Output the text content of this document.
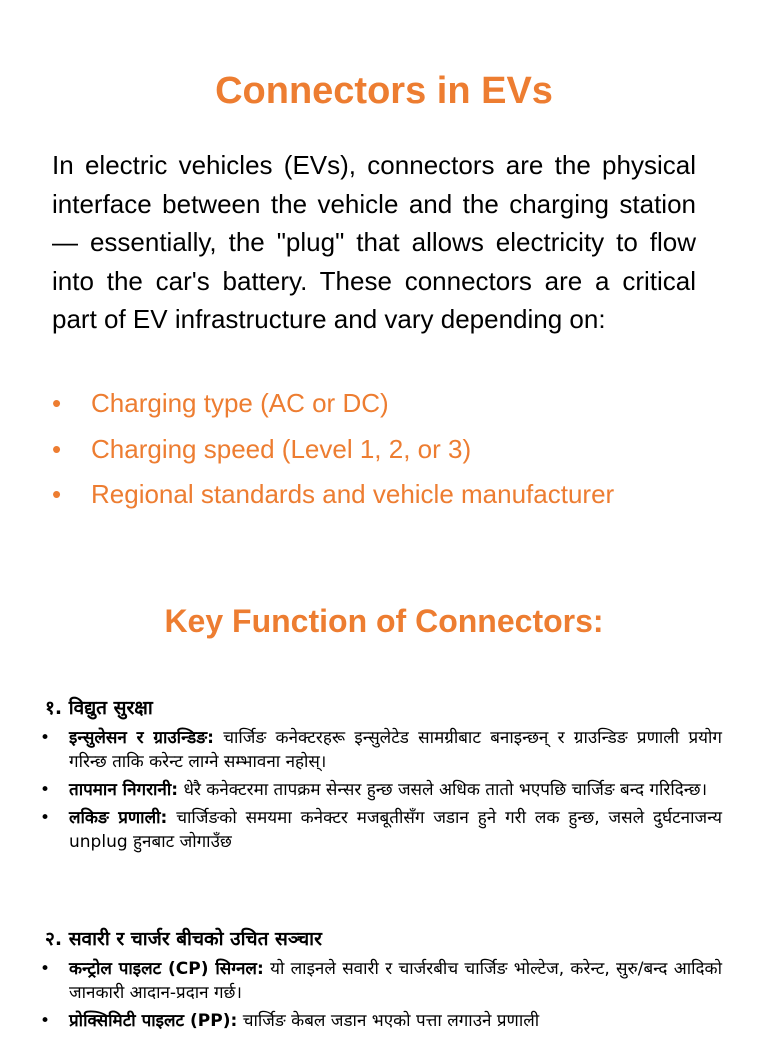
Connectors in EVs

In electric vehicles (EVs), connectors are the physical interface between the vehicle and the charging station — essentially, the "plug" that allows electricity to flow into the car's battery. These connectors are a critical part of EV infrastructure and vary depending on:

• Charging type (AC or DC)
• Charging speed (Level 1, 2, or 3)
• Regional standards and vehicle manufacturer
Key Function of Connectors:
१. विद्युत सुरक्षा
• इन्सुलेसन र ग्राउन्डिङ: चार्जिङ कनेक्टरहरू इन्सुलेटेड सामग्रीबाट बनाइन्छन् र ग्राउन्डिङ प्रणाली प्रयोग गरिन्छ ताकि करेन्ट लाग्ने सम्भावना नहोस्।
• तापमान निगरानी: धेरै कनेक्टरमा तापक्रम सेन्सर हुन्छ जसले अधिक तातो भएपछि चार्जिङ बन्द गरिदिन्छ।
• लकिङ प्रणाली: चार्जिङको समयमा कनेक्टर मजबूतीसँग जडान हुने गरी लक हुन्छ, जसले दुर्घटनाजन्य unplug हुनबाट जोगाउँछ
२. सवारी र चार्जर बीचको उचित सञ्चार
• कन्ट्रोल पाइलट (CP) सिग्नल: यो लाइनले सवारी र चार्जरबीच चार्जिङ भोल्टेज, करेन्ट, सुरु/बन्द आदिको जानकारी आदान-प्रदान गर्छ।
• प्रोक्सिमिटी पाइलट (PP): चार्जिङ केबल जडान भएको पत्ता लगाउने प्रणाली
